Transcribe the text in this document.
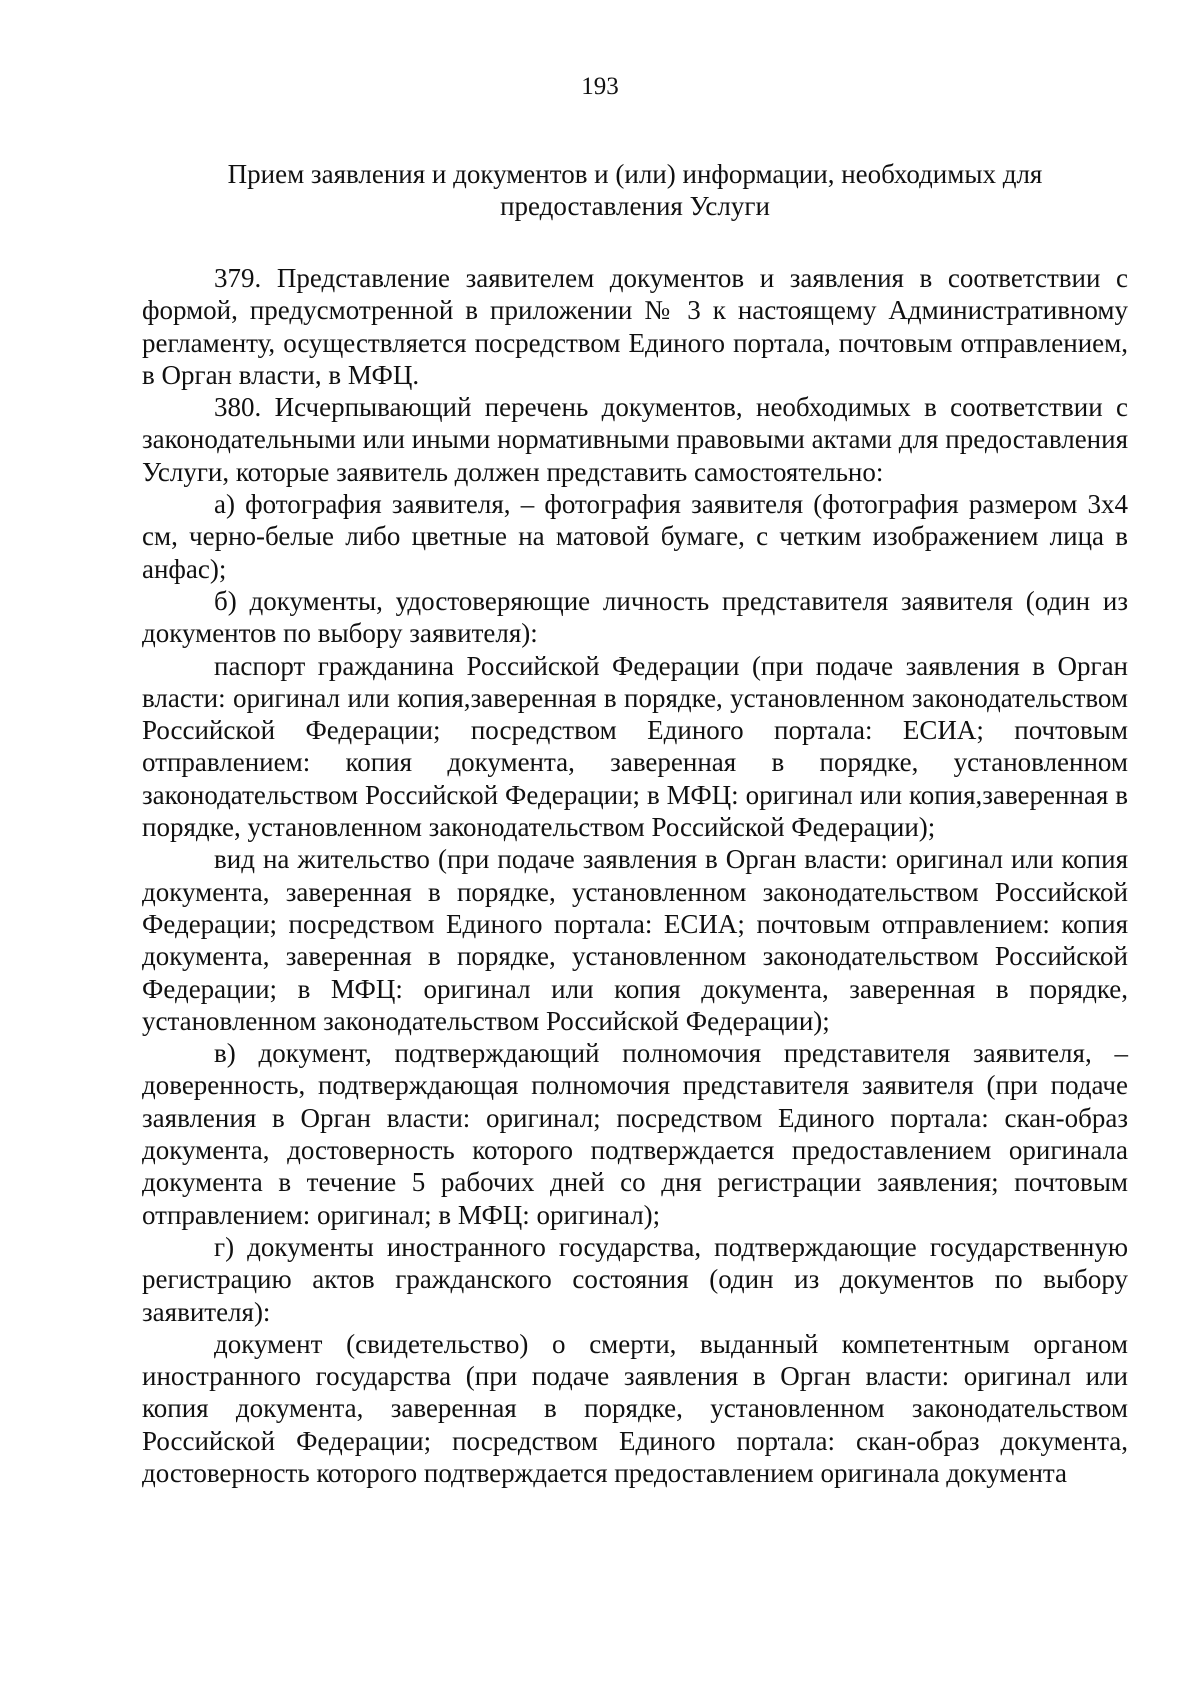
193
Прием заявления и документов и (или) информации, необходимых для
предоставления Услуги

379. Представление заявителем документов и заявления в соответствии с формой, предусмотренной в приложении № 3 к настоящему Административному регламенту, осуществляется посредством Единого портала, почтовым отправлением, в Орган власти, в МФЦ.

380. Исчерпывающий перечень документов, необходимых в соответствии с законодательными или иными нормативными правовыми актами для предоставления Услуги, которые заявитель должен представить самостоятельно:

а) фотография заявителя, – фотография заявителя (фотография размером 3х4 см, черно-белые либо цветные на матовой бумаге, с четким изображением лица в анфас);

б) документы, удостоверяющие личность представителя заявителя (один из документов по выбору заявителя):

паспорт гражданина Российской Федерации (при подаче заявления в Орган власти: оригинал или копия,заверенная в порядке, установленном законодательством Российской Федерации; посредством Единого портала: ЕСИА; почтовым отправлением: копия документа, заверенная в порядке, установленном законодательством Российской Федерации; в МФЦ: оригинал или копия,заверенная в порядке, установленном законодательством Российской Федерации);

вид на жительство (при подаче заявления в Орган власти: оригинал или копия документа, заверенная в порядке, установленном законодательством Российской Федерации; посредством Единого портала: ЕСИА; почтовым отправлением: копия документа, заверенная в порядке, установленном законодательством Российской Федерации; в МФЦ: оригинал или копия документа, заверенная в порядке, установленном законодательством Российской Федерации);

в) документ, подтверждающий полномочия представителя заявителя, – доверенность, подтверждающая полномочия представителя заявителя (при подаче заявления в Орган власти: оригинал; посредством Единого портала: скан-образ документа, достоверность которого подтверждается предоставлением оригинала документа в течение 5 рабочих дней со дня регистрации заявления; почтовым отправлением: оригинал; в МФЦ: оригинал);

г) документы иностранного государства, подтверждающие государственную регистрацию актов гражданского состояния (один из документов по выбору заявителя):

документ (свидетельство) о смерти, выданный компетентным органом иностранного государства (при подаче заявления в Орган власти: оригинал или копия документа, заверенная в порядке, установленном законодательством Российской Федерации; посредством Единого портала: скан-образ документа, достоверность которого подтверждается предоставлением оригинала документа
